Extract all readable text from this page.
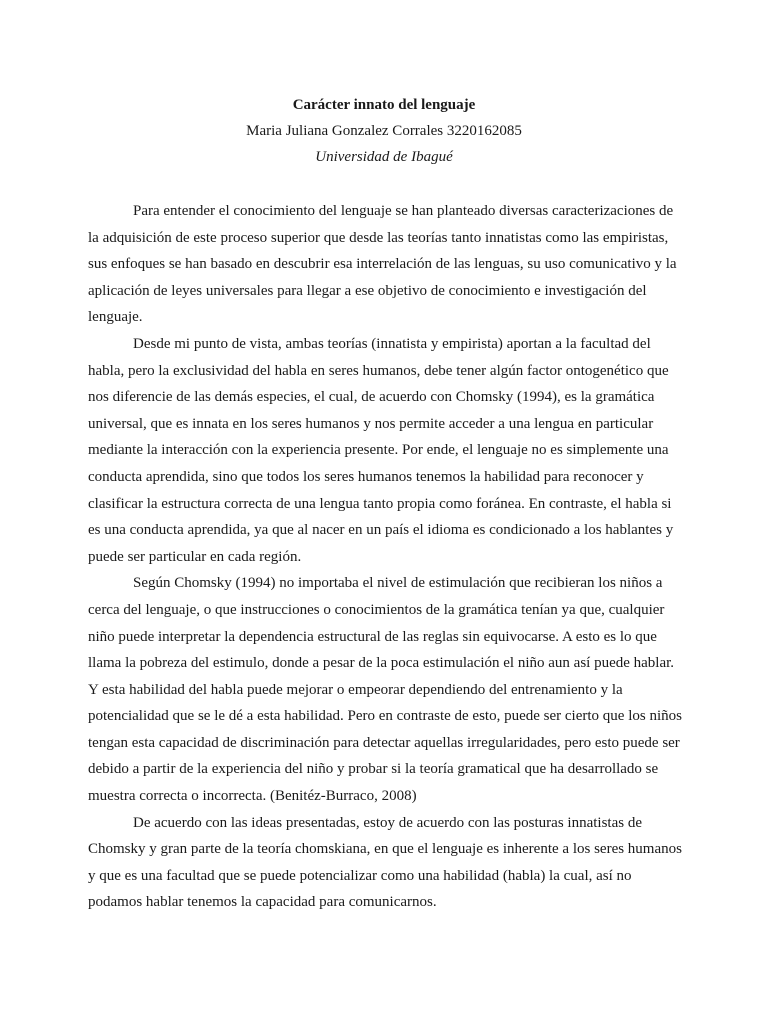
Carácter innato del lenguaje

Maria Juliana Gonzalez Corrales 3220162085

Universidad de Ibagué

Para entender el conocimiento del lenguaje se han planteado diversas caracterizaciones de la adquisición de este proceso superior que desde las teorías tanto innatistas como las empiristas, sus enfoques se han basado en descubrir esa interrelación de las lenguas, su uso comunicativo y la aplicación de leyes universales para llegar a ese objetivo de conocimiento e investigación del lenguaje.

Desde mi punto de vista, ambas teorías (innatista y empirista) aportan a la facultad del habla, pero la exclusividad del habla en seres humanos, debe tener algún factor ontogenético que nos diferencie de las demás especies, el cual, de acuerdo con Chomsky (1994), es la gramática universal, que es innata en los seres humanos y nos permite acceder a una lengua en particular mediante la interacción con la experiencia presente. Por ende, el lenguaje no es simplemente una conducta aprendida, sino que todos los seres humanos tenemos la habilidad para reconocer y clasificar la estructura correcta de una lengua tanto propia como foránea. En contraste, el habla si es una conducta aprendida, ya que al nacer en un país el idioma es condicionado a los hablantes y puede ser particular en cada región.

Según Chomsky (1994) no importaba el nivel de estimulación que recibieran los niños a cerca del lenguaje, o que instrucciones o conocimientos de la gramática tenían ya que, cualquier niño puede interpretar la dependencia estructural de las reglas sin equivocarse. A esto es lo que llama la pobreza del estimulo, donde a pesar de la poca estimulación el niño aun así puede hablar. Y esta habilidad del habla puede mejorar o empeorar dependiendo del entrenamiento y la potencialidad que se le dé a esta habilidad. Pero en contraste de esto, puede ser cierto que los niños tengan esta capacidad de discriminación para detectar aquellas irregularidades, pero esto puede ser debido a partir de la experiencia del niño y probar si la teoría gramatical que ha desarrollado se muestra correcta o incorrecta. (Benitéz-Burraco, 2008)

De acuerdo con las ideas presentadas, estoy de acuerdo con las posturas innatistas de Chomsky y gran parte de la teoría chomskiana, en que el lenguaje es inherente a los seres humanos y que es una facultad que se puede potencializar como una habilidad (habla) la cual, así no podamos hablar tenemos la capacidad para comunicarnos.
